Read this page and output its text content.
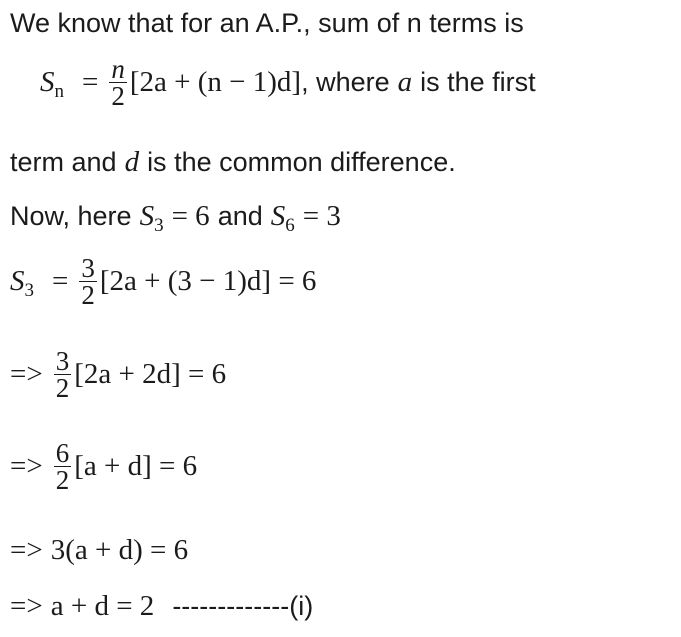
We know that for an A.P., sum of n terms is
$S_n = \frac{n}{2} [2a + (n - 1)d]$ , where a is the first
term and d is the common difference.
Now, here $S_3 = 6$ and $S_6 = 3$
$S_3 = \frac{3}{2} [2a + (3 - 1)d] = 6$
=> $\frac{3}{2} [2a + 2d] = 6$
=> $\frac{6}{2} [a + d] = 6$
=> 3(a + d) = 6
=> a + d = 2 -------------(i)
